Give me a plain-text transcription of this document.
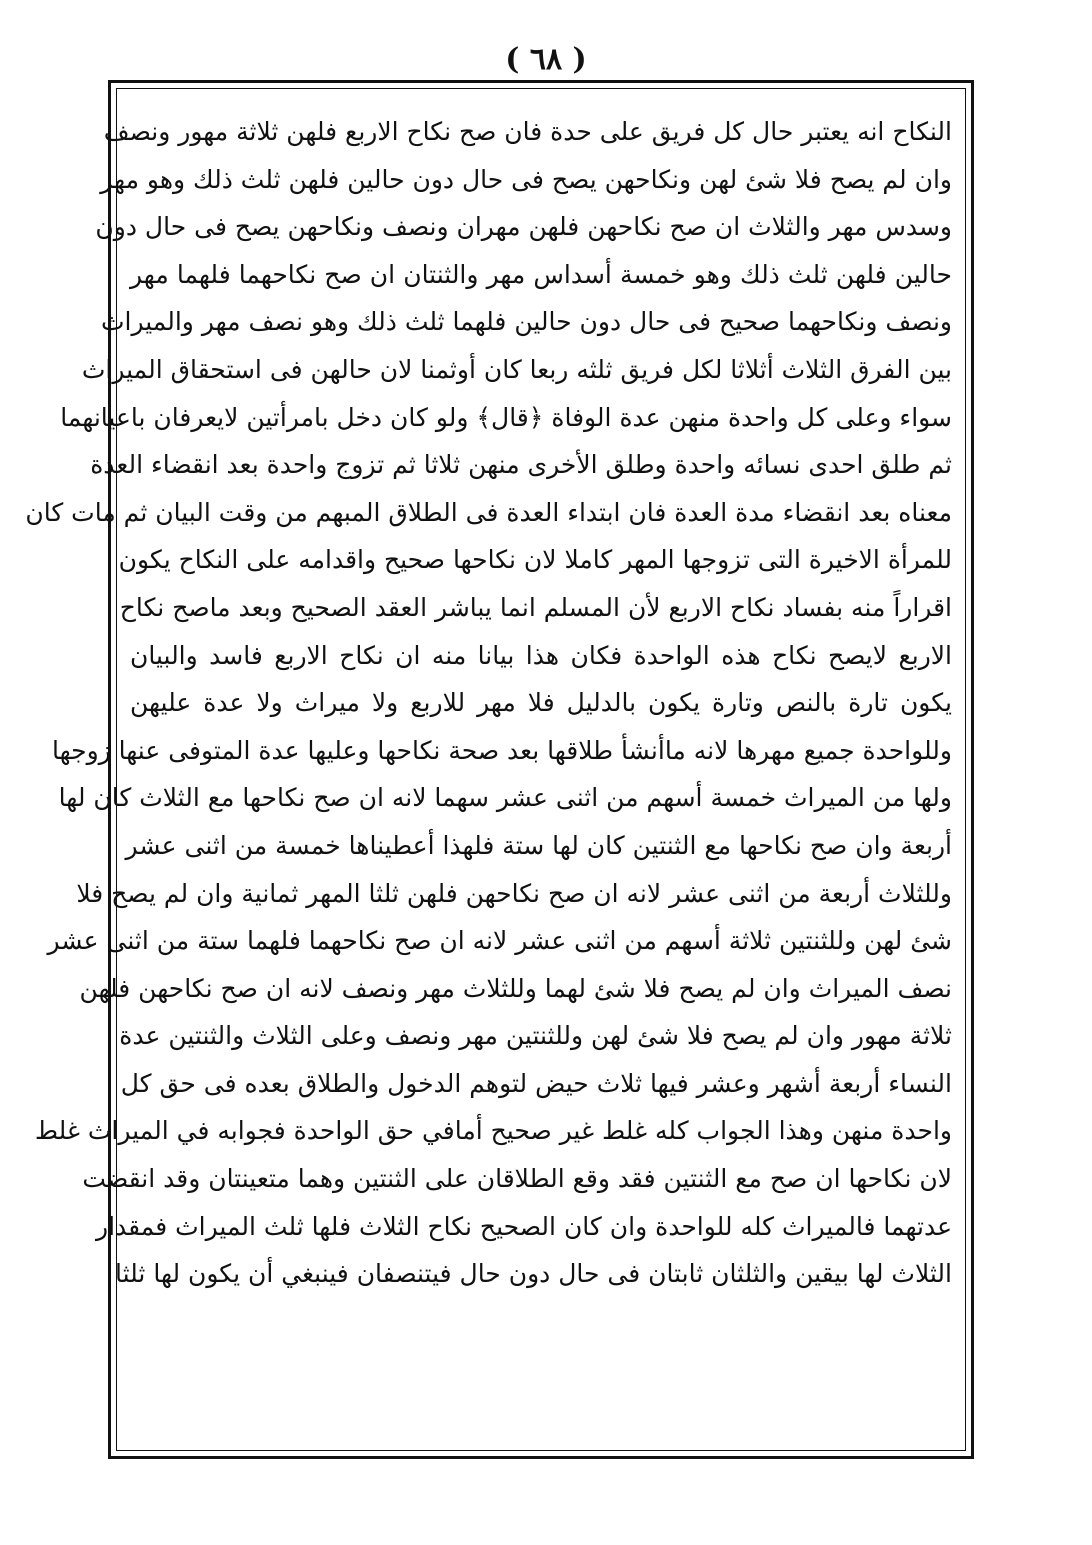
( ٦٨ )
النكاح انه يعتبر حال كل فريق على حدة فان صح نكاح الاربع فلهن ثلاثة مهور ونصف
وان لم يصح فلا شئ لهن ونكاحهن يصح فى حال دون حالين فلهن ثلث ذلك وهو مهر
وسدس مهر والثلاث ان صح نكاحهن فلهن مهران ونصف ونكاحهن يصح فى حال دون
حالين فلهن ثلث ذلك وهو خمسة أسداس مهر والثنتان ان صح نكاحهما فلهما مهر
ونصف ونكاحهما صحيح فى حال دون حالين فلهما ثلث ذلك وهو نصف مهر والميراث
بين الفرق الثلاث أثلاثا لكل فريق ثلثه ربعا كان أوثمنا لان حالهن فى استحقاق الميراث
سواء وعلى كل واحدة منهن عدة الوفاة ﴿قال﴾ ولو كان دخل بامرأتين لايعرفان باعيانهما
ثم طلق احدى نسائه واحدة وطلق الأخرى منهن ثلاثا ثم تزوج واحدة بعد انقضاء العدة
معناه بعد انقضاء مدة العدة فان ابتداء العدة فى الطلاق المبهم من وقت البيان ثم مات كان
للمرأة الاخيرة التى تزوجها المهر كاملا لان نكاحها صحيح واقدامه على النكاح يكون
اقراراً منه بفساد نكاح الاربع لأن المسلم انما يباشر العقد الصحيح وبعد ماصح نكاح
الاربع لايصح نكاح هذه الواحدة فكان هذا بيانا منه ان نكاح الاربع فاسد والبيان
يكون تارة بالنص وتارة يكون بالدليل فلا مهر للاربع ولا ميراث ولا عدة عليهن
وللواحدة جميع مهرها لانه ماأنشأ طلاقها بعد صحة نكاحها وعليها عدة المتوفى عنها زوجها
ولها من الميراث خمسة أسهم من اثنى عشر سهما لانه ان صح نكاحها مع الثلاث كان لها
أربعة وان صح نكاحها مع الثنتين كان لها ستة فلهذا أعطيناها خمسة من اثنى عشر
وللثلاث أربعة من اثنى عشر لانه ان صح نكاحهن فلهن ثلثا المهر ثمانية وان لم يصح فلا
شئ لهن وللثنتين ثلاثة أسهم من اثنى عشر لانه ان صح نكاحهما فلهما ستة من اثنى عشر
نصف الميراث وان لم يصح فلا شئ لهما وللثلاث مهر ونصف لانه ان صح نكاحهن فلهن
ثلاثة مهور وان لم يصح فلا شئ لهن وللثنتين مهر ونصف وعلى الثلاث والثنتين عدة
النساء أربعة أشهر وعشر فيها ثلاث حيض لتوهم الدخول والطلاق بعده فى حق كل
واحدة منهن وهذا الجواب كله غلط غير صحيح أمافي حق الواحدة فجوابه في الميراث غلط
لان نكاحها ان صح مع الثنتين فقد وقع الطلاقان على الثنتين وهما متعينتان وقد انقضت
عدتهما فالميراث كله للواحدة وان كان الصحيح نكاح الثلاث فلها ثلث الميراث فمقدار
الثلاث لها بيقين والثلثان ثابتان فى حال دون حال فيتنصفان فينبغي أن يكون لها ثلثا
